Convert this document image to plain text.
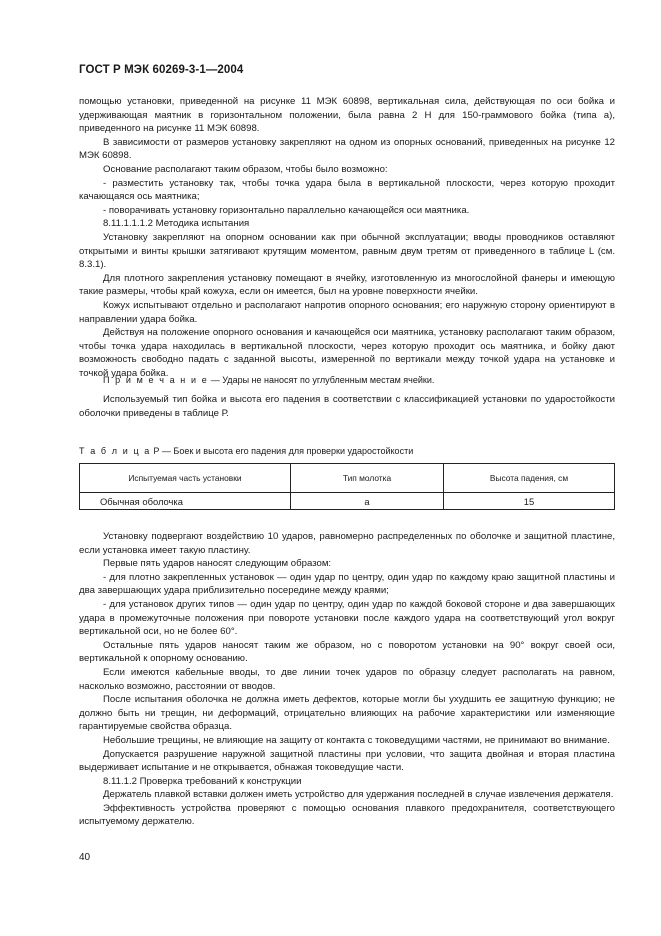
ГОСТ Р МЭК 60269-3-1—2004

помощью установки, приведенной на рисунке 11 МЭК 60898, вертикальная сила, действующая по оси бойка и удерживающая маятник в горизонтальном положении, была равна 2 Н для 150-граммового бойка (типа а), приведенного на рисунке 11 МЭК 60898.

В зависимости от размеров установку закрепляют на одном из опорных оснований, приведенных на рисунке 12 МЭК 60898.

Основание располагают таким образом, чтобы было возможно:

- разместить установку так, чтобы точка удара была в вертикальной плоскости, через которую проходит качающаяся ось маятника;

- поворачивать установку горизонтально параллельно качающейся оси маятника.

8.11.1.1.1.2 Методика испытания

Установку закрепляют на опорном основании как при обычной эксплуатации; вводы проводников оставляют открытыми и винты крышки затягивают крутящим моментом, равным двум третям от приведенного в таблице L (см. 8.3.1).

Для плотного закрепления установку помещают в ячейку, изготовленную из многослойной фанеры и имеющую такие размеры, чтобы край кожуха, если он имеется, был на уровне поверхности ячейки.

Кожух испытывают отдельно и располагают напротив опорного основания; его наружную сторону ориентируют в направлении удара бойка.

Действуя на положение опорного основания и качающейся оси маятника, установку располагают таким образом, чтобы точка удара находилась в вертикальной плоскости, через которую проходит ось маятника, и бойку дают возможность свободно падать с заданной высоты, измеренной по вертикали между точкой удара на установке и точкой удара бойка.

П р и м е ч а н и е — Удары не наносят по углубленным местам ячейки.

Используемый тип бойка и высота его падения в соответствии с классификацией установки по ударостойкости оболочки приведены в таблице Р.

Т а б л и ц а Р — Боек и высота его падения для проверки ударостойкости
Испытуемая часть установки	Тип молотка	Высота падения, см
Обычная оболочка	а	15

Установку подвергают воздействию 10 ударов, равномерно распределенных по оболочке и защитной пластине, если установка имеет такую пластину.

Первые пять ударов наносят следующим образом:

- для плотно закрепленных установок — один удар по центру, один удар по каждому краю защитной пластины и два завершающих удара приблизительно посередине между краями;

- для установок других типов — один удар по центру, один удар по каждой боковой стороне и два завершающих удара в промежуточные положения при повороте установки после каждого удара на соответствующий угол вокруг вертикальной оси, но не более 60°.

Остальные пять ударов наносят таким же образом, но с поворотом установки на 90° вокруг своей оси, вертикальной к опорному основанию.

Если имеются кабельные вводы, то две линии точек ударов по образцу следует располагать на равном, насколько возможно, расстоянии от вводов.

После испытания оболочка не должна иметь дефектов, которые могли бы ухудшить ее защитную функцию; не должно быть ни трещин, ни деформаций, отрицательно влияющих на рабочие характеристики или изменяющие гарантируемые свойства образца.

Небольшие трещины, не влияющие на защиту от контакта с токоведущими частями, не принимают во внимание.

Допускается разрушение наружной защитной пластины при условии, что защита двойная и вторая пластина выдерживает испытание и не открывается, обнажая токоведущие части.

8.11.1.2 Проверка требований к конструкции

Держатель плавкой вставки должен иметь устройство для удержания последней в случае извлечения держателя.

Эффективность устройства проверяют с помощью основания плавкого предохранителя, соответствующего испытуемому держателю.

40
